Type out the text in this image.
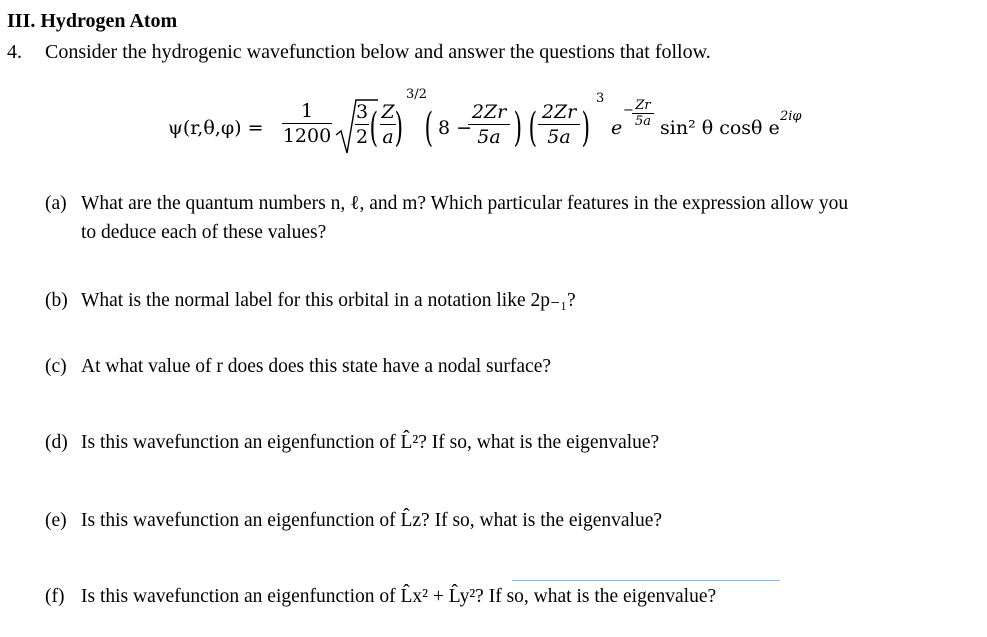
III. Hydrogen Atom
4. Consider the hydrogenic wavefunction below and answer the questions that follow.
ψ(r,θ,φ) =
1
1200
3
2 ( Z
a )
3/2
( 8 −
2Zr
5a ) ( 2Zr
5a )
3
e
− Zr
5a sin² θ cosθ e
2iφ
(a) What are the quantum numbers n, ℓ, and m? Which particular features in the expression allow you
to deduce each of these values?
(b) What is the normal label for this orbital in a notation like 2p₋₁?
(c) At what value of r does does this state have a nodal surface?
(d) Is this wavefunction an eigenfunction of L̂²? If so, what is the eigenvalue?
(e) Is this wavefunction an eigenfunction of L̂z? If so, what is the eigenvalue?
(f) Is this wavefunction an eigenfunction of L̂x² + L̂y²? If so, what is the eigenvalue?
